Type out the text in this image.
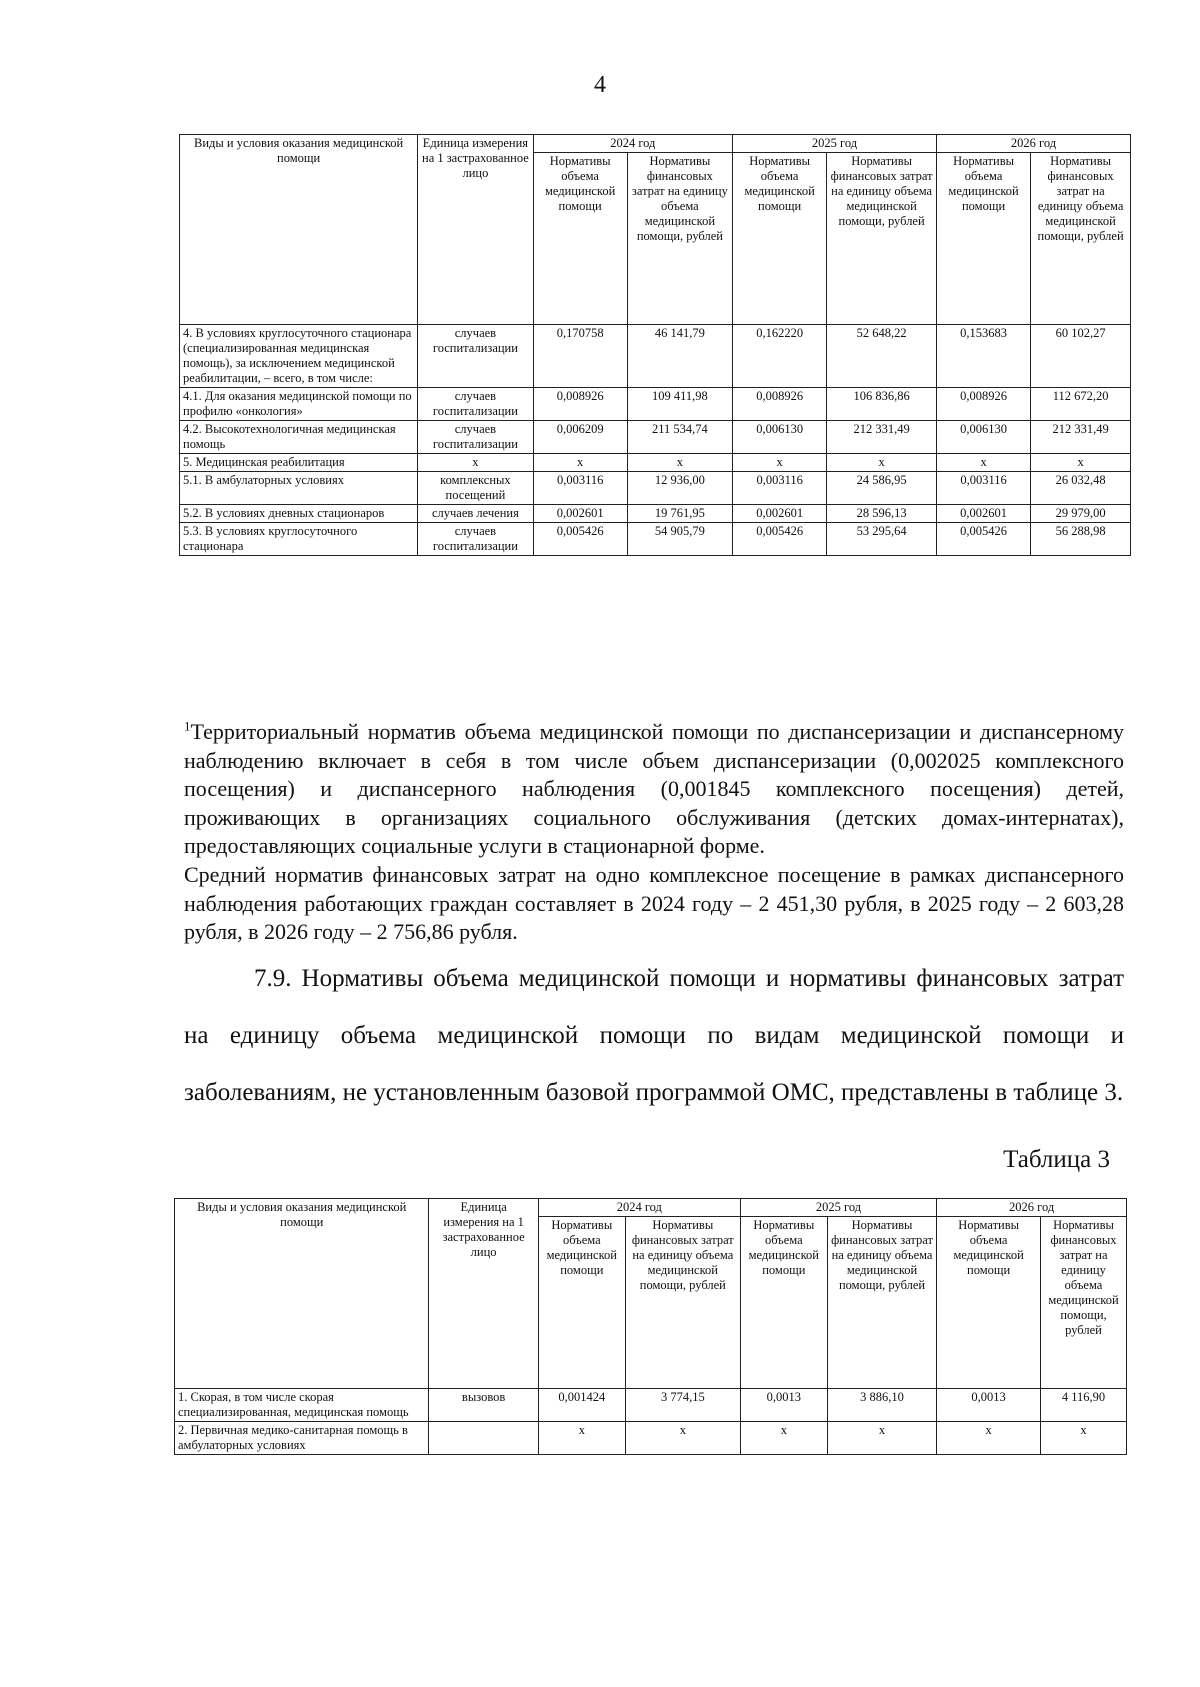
4
Виды и условия оказания медицинской помощи	Единица измерения на 1 застрахованное лицо	2024 год		2025 год		2026 год	
		Нормативы объема медицинской помощи	Нормативы финансовых затрат на единицу объема медицинской помощи, рублей	Нормативы объема медицинской помощи	Нормативы финансовых затрат на единицу объема медицинской помощи, рублей	Нормативы объема медицинской помощи	Нормативы финансовых затрат на единицу объема медицинской помощи, рублей
4. В условиях круглосуточного стационара (специализированная медицинская помощь), за исключением медицинской реабилитации, – всего, в том числе:	случаев госпитализации	0,170758	46 141,79	0,162220	52 648,22	0,153683	60 102,27
4.1. Для оказания медицинской помощи по профилю «онкология»	случаев госпитализации	0,008926	109 411,98	0,008926	106 836,86	0,008926	112 672,20
4.2. Высокотехнологичная медицинская помощь	случаев госпитализации	0,006209	211 534,74	0,006130	212 331,49	0,006130	212 331,49
5. Медицинская реабилитация	х	х	х	х	х	х	х
5.1. В амбулаторных условиях	комплексных посещений	0,003116	12 936,00	0,003116	24 586,95	0,003116	26 032,48
5.2. В условиях дневных стационаров	случаев лечения	0,002601	19 761,95	0,002601	28 596,13	0,002601	29 979,00
5.3. В условиях круглосуточного стационара	случаев госпитализации	0,005426	54 905,79	0,005426	53 295,64	0,005426	56 288,98

$^1$Территориальный норматив объема медицинской помощи по диспансеризации и диспансерному наблюдению включает в себя в том числе объем диспансеризации (0,002025 комплексного посещения) и диспансерного наблюдения (0,001845 комплексного посещения) детей, проживающих в организациях социального обслуживания (детских домах-интернатах), предоставляющих социальные услуги в стационарной форме.

Средний норматив финансовых затрат на одно комплексное посещение в рамках диспансерного наблюдения работающих граждан составляет в 2024 году – 2 451,30 рубля, в 2025 году – 2 603,28 рубля, в 2026 году – 2 756,86 рубля.

7.9. Нормативы объема медицинской помощи и нормативы финансовых затрат на единицу объема медицинской помощи по видам медицинской помощи и заболеваниям, не установленным базовой программой ОМС, представлены в таблице 3.

Таблица 3
Виды и условия оказания медицинской помощи	Единица измерения на 1 застрахованное лицо	2024 год		2025 год		2026 год	
		Нормативы объема медицинской помощи	Нормативы финансовых затрат на единицу объема медицинской помощи, рублей	Нормативы объема медицинской помощи	Нормативы финансовых затрат на единицу объема медицинской помощи, рублей	Нормативы объема медицинской помощи	Нормативы финансовых затрат на единицу объема медицинской помощи, рублей
1. Скорая, в том числе скорая специализированная, медицинская помощь	вызовов	0,001424	3 774,15	0,0013	3 886,10	0,0013	4 116,90
2. Первичная медико-санитарная помощь в амбулаторных условиях		х	х	х	х	х	х
